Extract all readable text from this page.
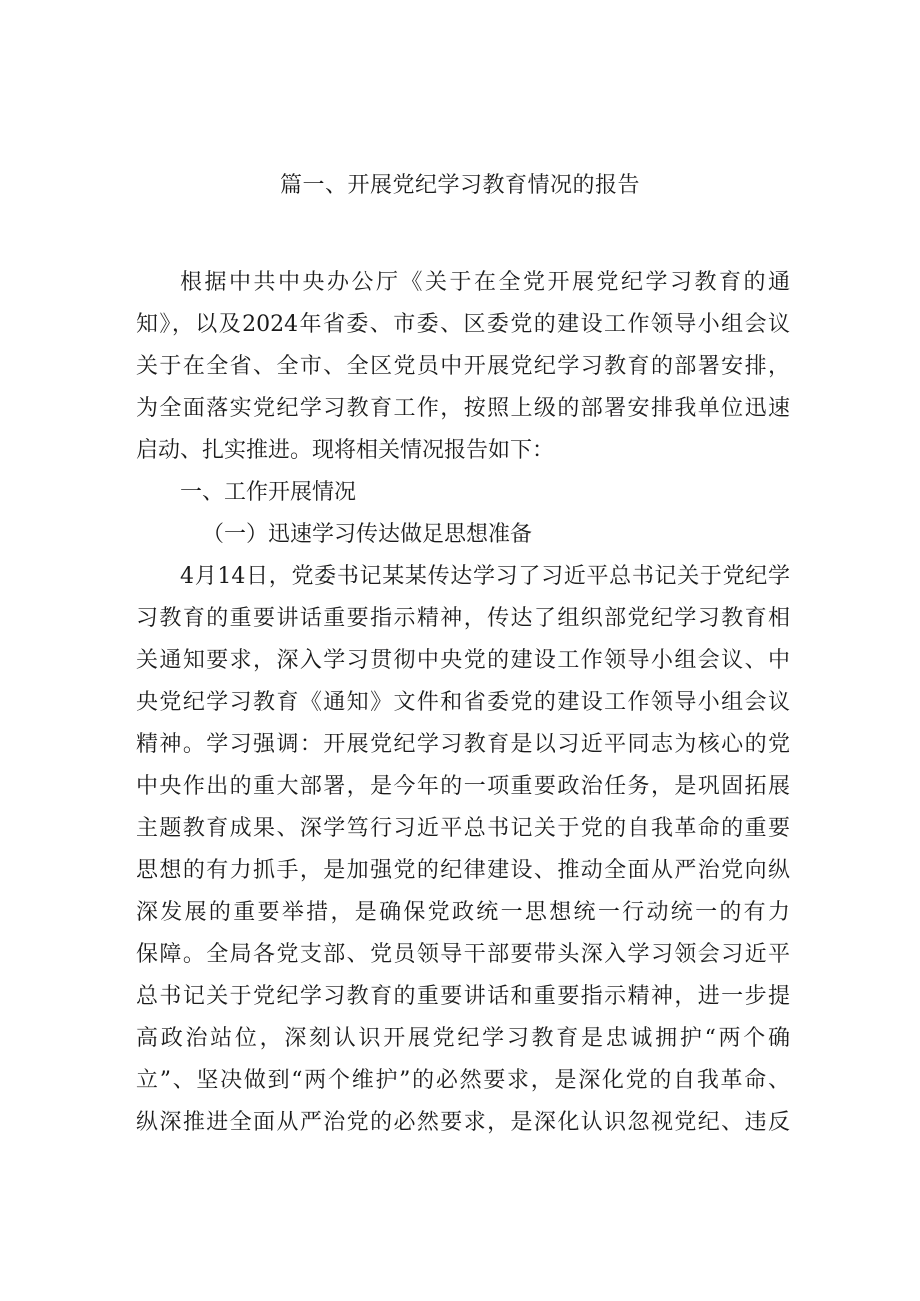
篇一、开展党纪学习教育情况的报告
根据中共中央办公厅《关于在全党开展党纪学习教育的通
知》，以及2024年省委、市委、区委党的建设工作领导小组会议
关于在全省、全市、全区党员中开展党纪学习教育的部署安排，
为全面落实党纪学习教育工作，按照上级的部署安排我单位迅速
启动、扎实推进。现将相关情况报告如下：
一、工作开展情况
（一）迅速学习传达做足思想准备
4月14日，党委书记某某传达学习了习近平总书记关于党纪学
习教育的重要讲话重要指示精神，传达了组织部党纪学习教育相
关通知要求，深入学习贯彻中央党的建设工作领导小组会议、中
央党纪学习教育《通知》文件和省委党的建设工作领导小组会议
精神。学习强调：开展党纪学习教育是以习近平同志为核心的党
中央作出的重大部署，是今年的一项重要政治任务，是巩固拓展
主题教育成果、深学笃行习近平总书记关于党的自我革命的重要
思想的有力抓手，是加强党的纪律建设、推动全面从严治党向纵
深发展的重要举措，是确保党政统一思想统一行动统一的有力
保障。全局各党支部、党员领导干部要带头深入学习领会习近平
总书记关于党纪学习教育的重要讲话和重要指示精神，进一步提
高政治站位，深刻认识开展党纪学习教育是忠诚拥护“两个确
立”、坚决做到“两个维护”的必然要求，是深化党的自我革命、
纵深推进全面从严治党的必然要求，是深化认识忽视党纪、违反
